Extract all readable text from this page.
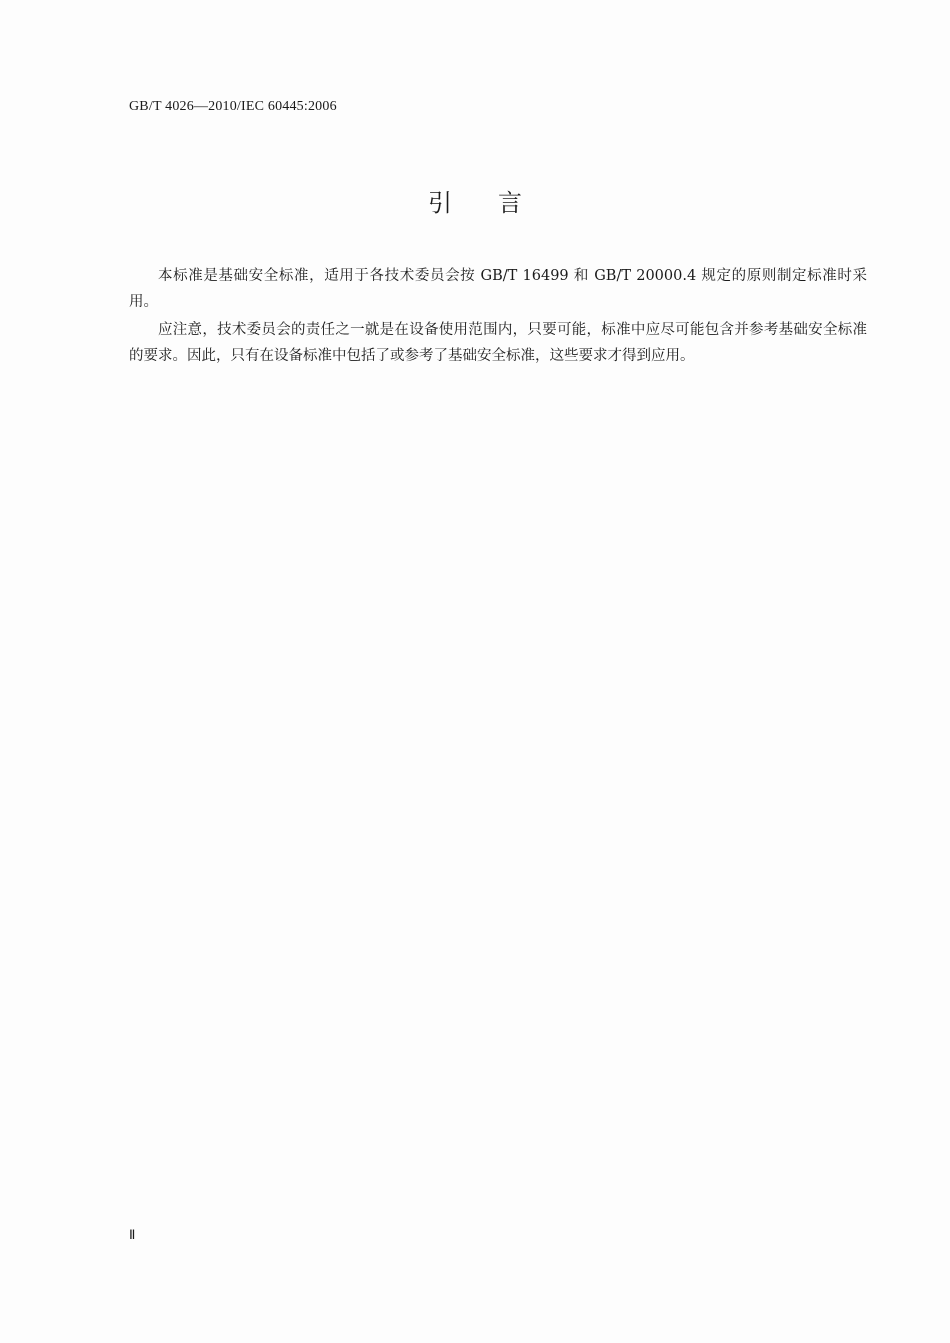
GB/T 4026—2010/IEC 60445:2006
引言

本标准是基础安全标准，适用于各技术委员会按 GB/T 16499 和 GB/T 20000.4 规定的原则制定标准时采用。

应注意，技术委员会的责任之一就是在设备使用范围内，只要可能，标准中应尽可能包含并参考基础安全标准的要求。因此，只有在设备标准中包括了或参考了基础安全标准，这些要求才得到应用。

Ⅱ
